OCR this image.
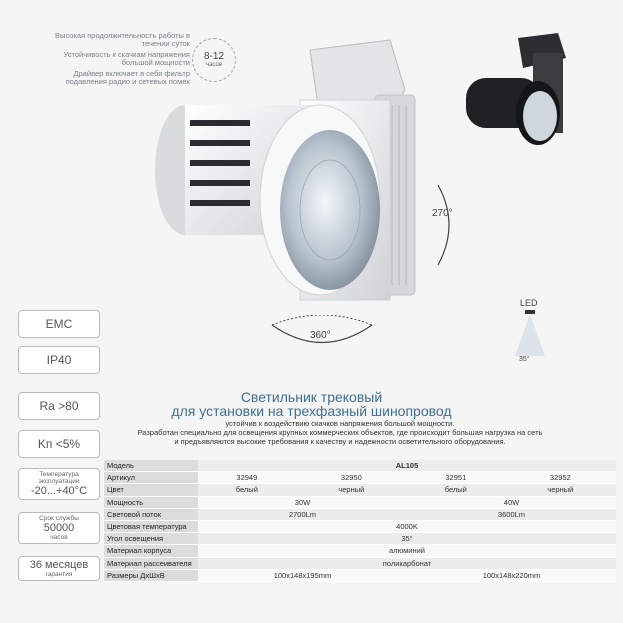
Высокая продолжительность работы в течении суток
Устойчивость к скачкам напряжения большой мощности
Драйвер включает в себя фильтр подавления радио и сетевых помех
8-12
часов
270°
360°
LED
35°
EMC
IP40
Ra >80
Kп <5%
Температура эксплуатации
-20...+40°C
Срок службы
50000
часов
36 месяцев
гарантия
Светильник трековый
для установки на трехфазный шинопровод
устойчив к воздействию скачков напряжения большой мощности.
Разработан специально для освещения крупных коммерческих объектов, где происходит большая нагрузка на сеть
и предъявляются высокие требования к качеству и надежности осветительного оборудования.
Модель	AL105			
Артикул	32949	32950	32951	32952
Цвет	белый	черный	белый	черный
Мощность	30W		40W	
Световой поток	2700Lm		3600Lm	
Цветовая температура	4000K			
Угол освещения	35°			
Материал корпуса	алюминий			
Материал рассеивателя	поликарбонат			
Размеры ДхШхВ	100x148x195mm		100x148x220mm	
